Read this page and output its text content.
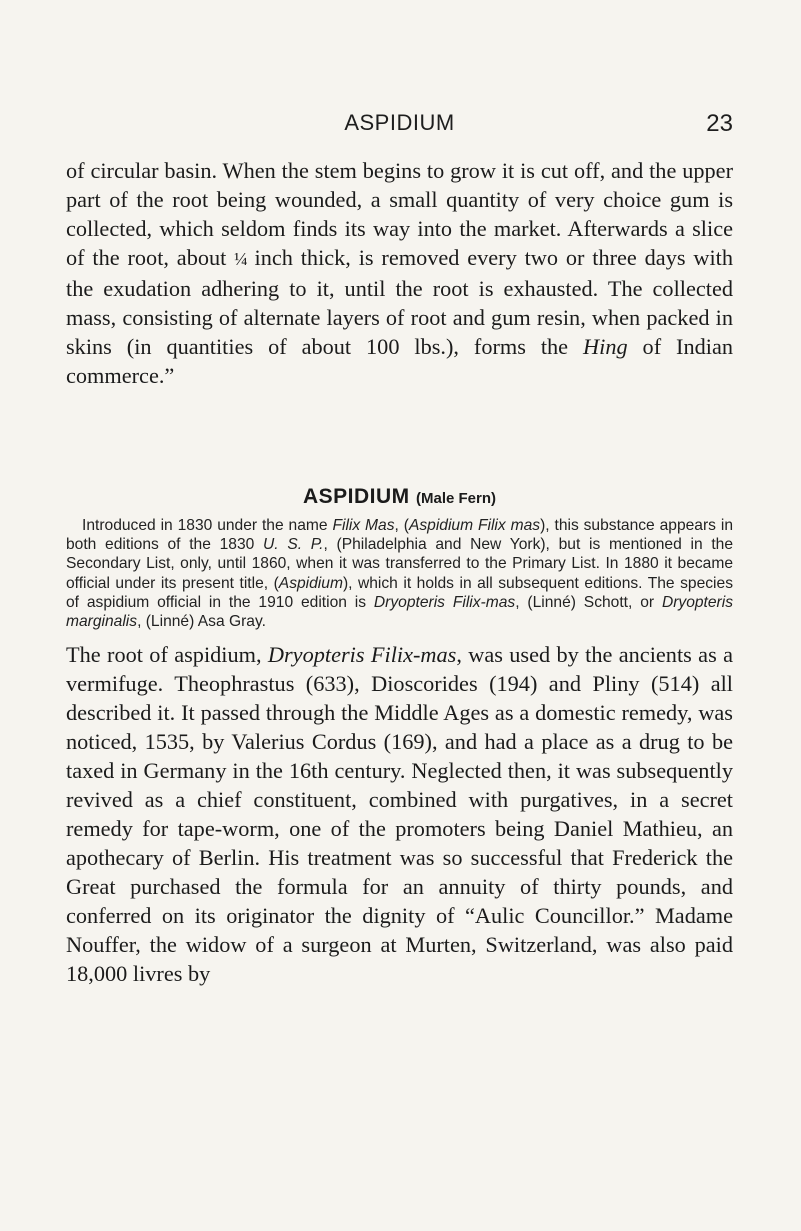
ASPIDIUM	23

of circular basin. When the stem begins to grow it is cut off, and the upper part of the root being wounded, a small quantity of very choice gum is collected, which seldom finds its way into the market. Afterwards a slice of the root, about ¼ inch thick, is removed every two or three days with the exudation adhering to it, until the root is exhausted. The collected mass, consisting of alternate layers of root and gum resin, when packed in skins (in quantities of about 100 lbs.), forms the Hing of Indian commerce.”

ASPIDIUM (Male Fern)

Introduced in 1830 under the name Filix Mas, (Aspidium Filix mas), this substance appears in both editions of the 1830 U. S. P., (Philadelphia and New York), but is mentioned in the Secondary List, only, until 1860, when it was transferred to the Primary List. In 1880 it became official under its present title, (Aspidium), which it holds in all subsequent editions. The species of aspidium official in the 1910 edition is Dryopteris Filix-mas, (Linné) Schott, or Dryopteris marginalis, (Linné) Asa Gray.

The root of aspidium, Dryopteris Filix-mas, was used by the ancients as a vermifuge. Theophrastus (633), Dioscorides (194) and Pliny (514) all described it. It passed through the Middle Ages as a domestic remedy, was noticed, 1535, by Valerius Cordus (169), and had a place as a drug to be taxed in Germany in the 16th century. Neglected then, it was subsequently revived as a chief constituent, combined with purgatives, in a secret remedy for tape-worm, one of the promoters being Daniel Mathieu, an apothecary of Berlin. His treatment was so successful that Frederick the Great purchased the formula for an annuity of thirty pounds, and conferred on its originator the dignity of “Aulic Councillor.” Madame Nouffer, the widow of a surgeon at Murten, Switzerland, was also paid 18,000 livres by
